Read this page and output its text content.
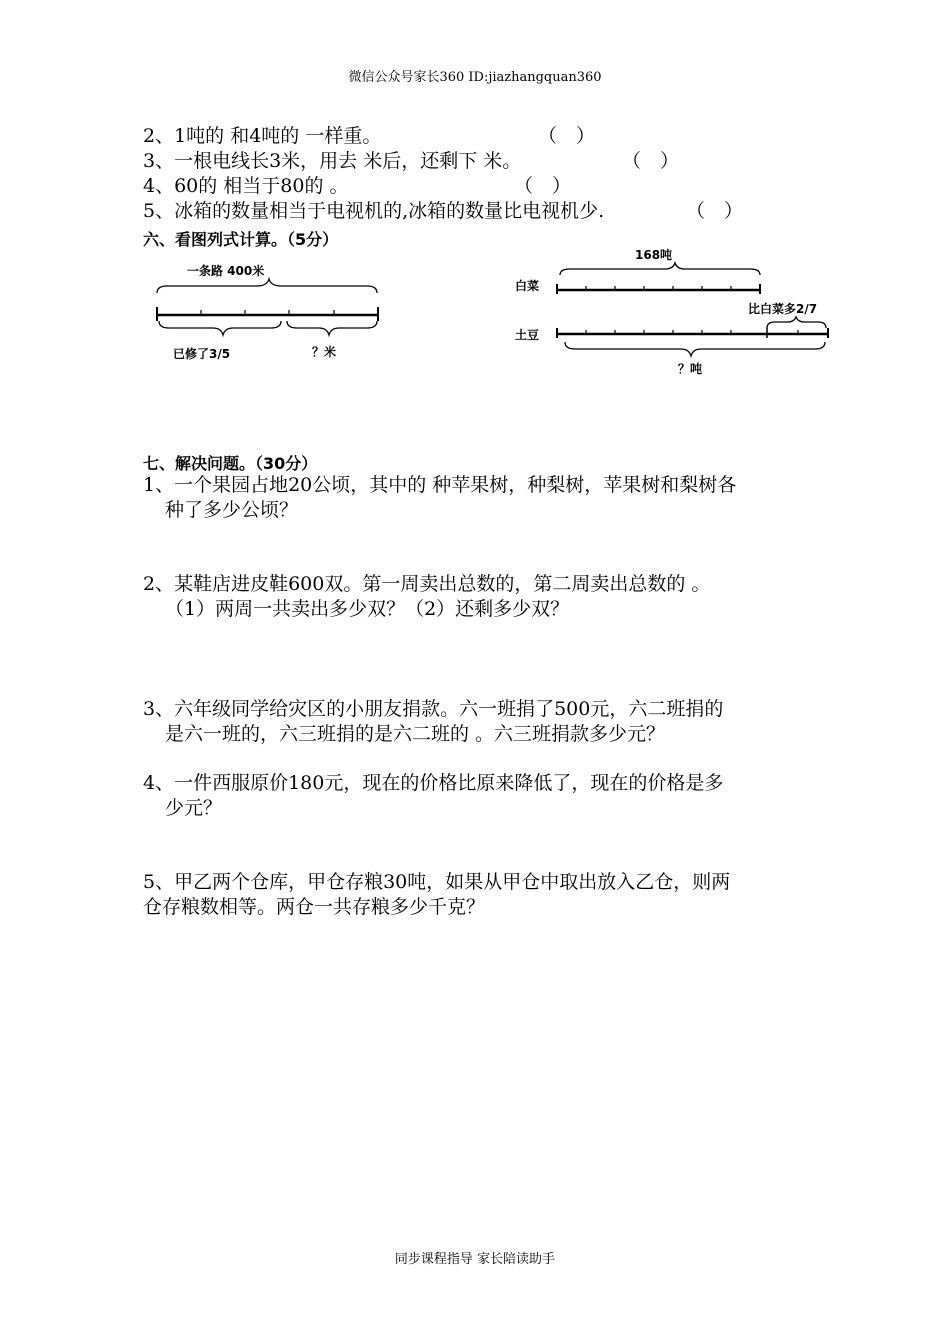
微信公众号家长360 ID:jiazhangquan360
2、1吨的 和4吨的 一样重。	（　）
3、一根电线长3米，用去 米后，还剩下 米。	（　）
4、60的 相当于80的 。	（　）
5、冰箱的数量相当于电视机的,冰箱的数量比电视机少.	（　）
六、看图列式计算。（5分）
一条路 400米
已修了3/5	？米
168吨
白菜
比白菜多2/7
土豆
？吨
七、解决问题。（30分）
1、一个果园占地20公顷，其中的 种苹果树，种梨树，苹果树和梨树各
种了多少公顷？
2、某鞋店进皮鞋600双。第一周卖出总数的，第二周卖出总数的 。
（1）两周一共卖出多少双？（2）还剩多少双？
3、六年级同学给灾区的小朋友捐款。六一班捐了500元，六二班捐的
是六一班的，六三班捐的是六二班的 。六三班捐款多少元？
4、一件西服原价180元，现在的价格比原来降低了，现在的价格是多
少元？
5、甲乙两个仓库，甲仓存粮30吨，如果从甲仓中取出放入乙仓，则两
仓存粮数相等。两仓一共存粮多少千克？
同步课程指导 家长陪读助手
